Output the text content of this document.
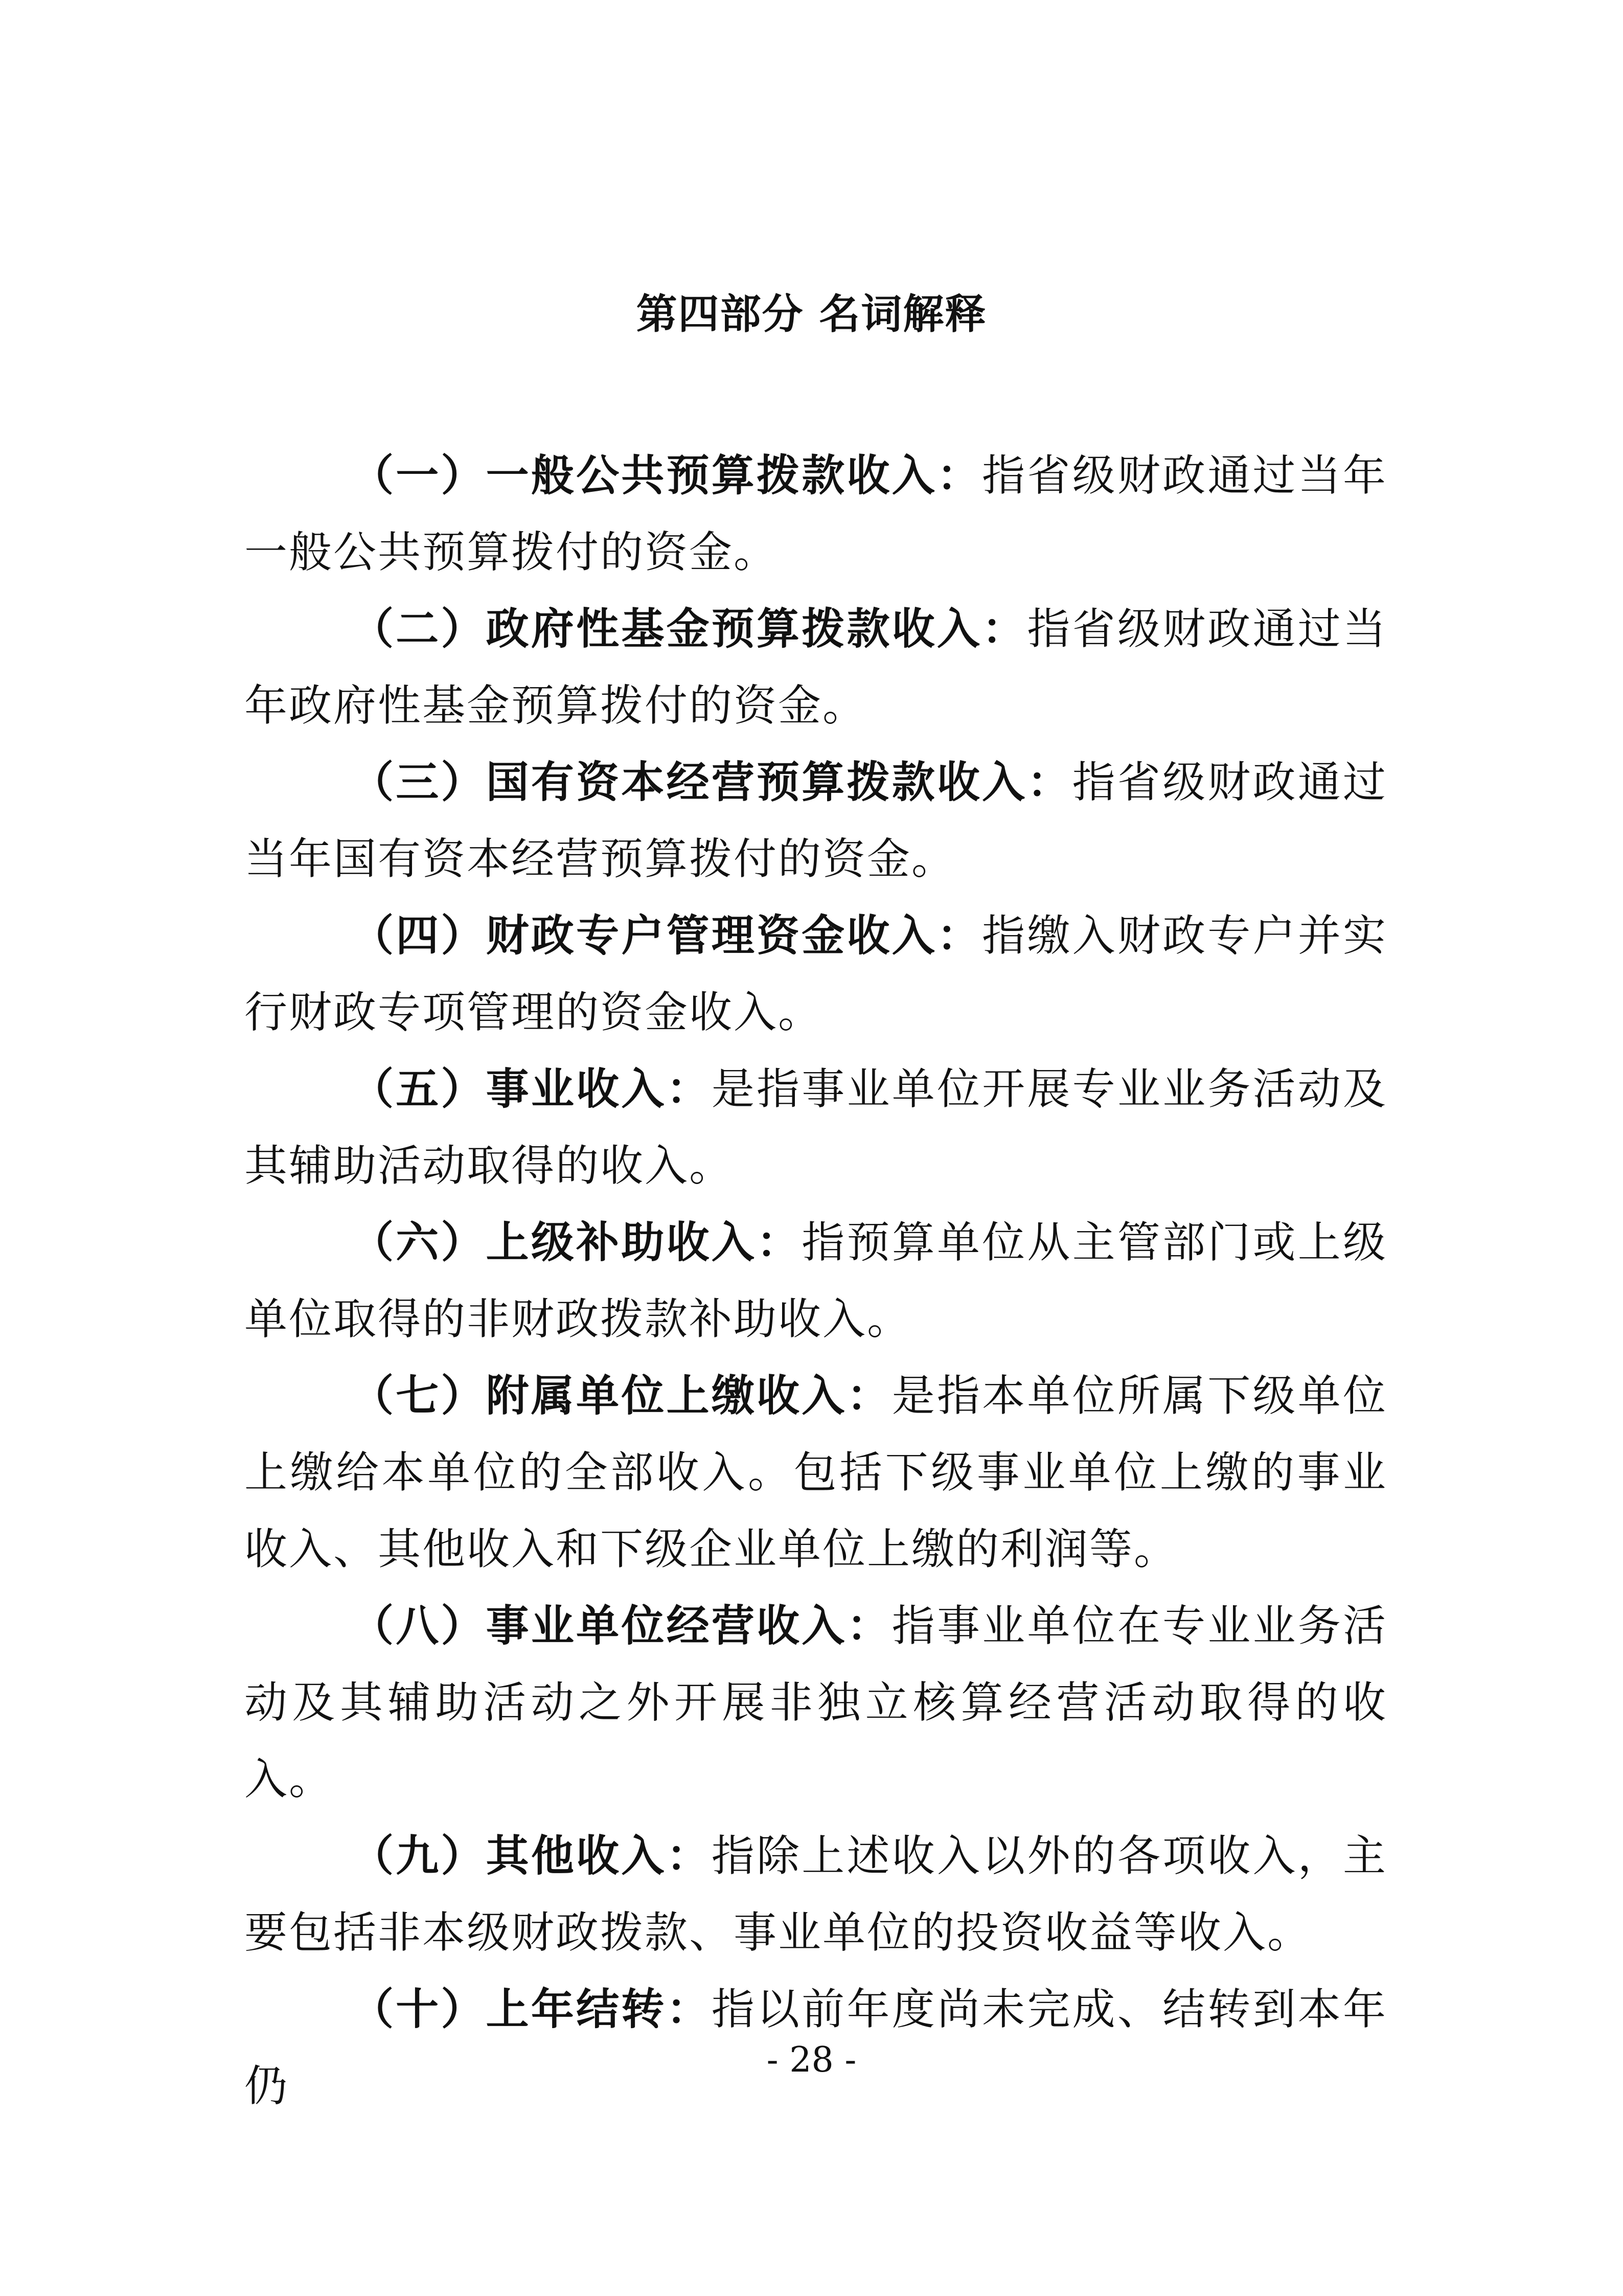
第四部分 名词解释

（一）一般公共预算拨款收入：指省级财政通过当年一般公共预算拨付的资金。

（二）政府性基金预算拨款收入：指省级财政通过当年政府性基金预算拨付的资金。

（三）国有资本经营预算拨款收入：指省级财政通过当年国有资本经营预算拨付的资金。

（四）财政专户管理资金收入：指缴入财政专户并实行财政专项管理的资金收入。

（五）事业收入：是指事业单位开展专业业务活动及其辅助活动取得的收入。

（六）上级补助收入：指预算单位从主管部门或上级单位取得的非财政拨款补助收入。

（七）附属单位上缴收入：是指本单位所属下级单位上缴给本单位的全部收入。包括下级事业单位上缴的事业收入、其他收入和下级企业单位上缴的利润等。

（八）事业单位经营收入：指事业单位在专业业务活动及其辅助活动之外开展非独立核算经营活动取得的收入。

（九）其他收入：指除上述收入以外的各项收入，主要包括非本级财政拨款、事业单位的投资收益等收入。

（十）上年结转：指以前年度尚未完成、结转到本年仍

- 28 -
